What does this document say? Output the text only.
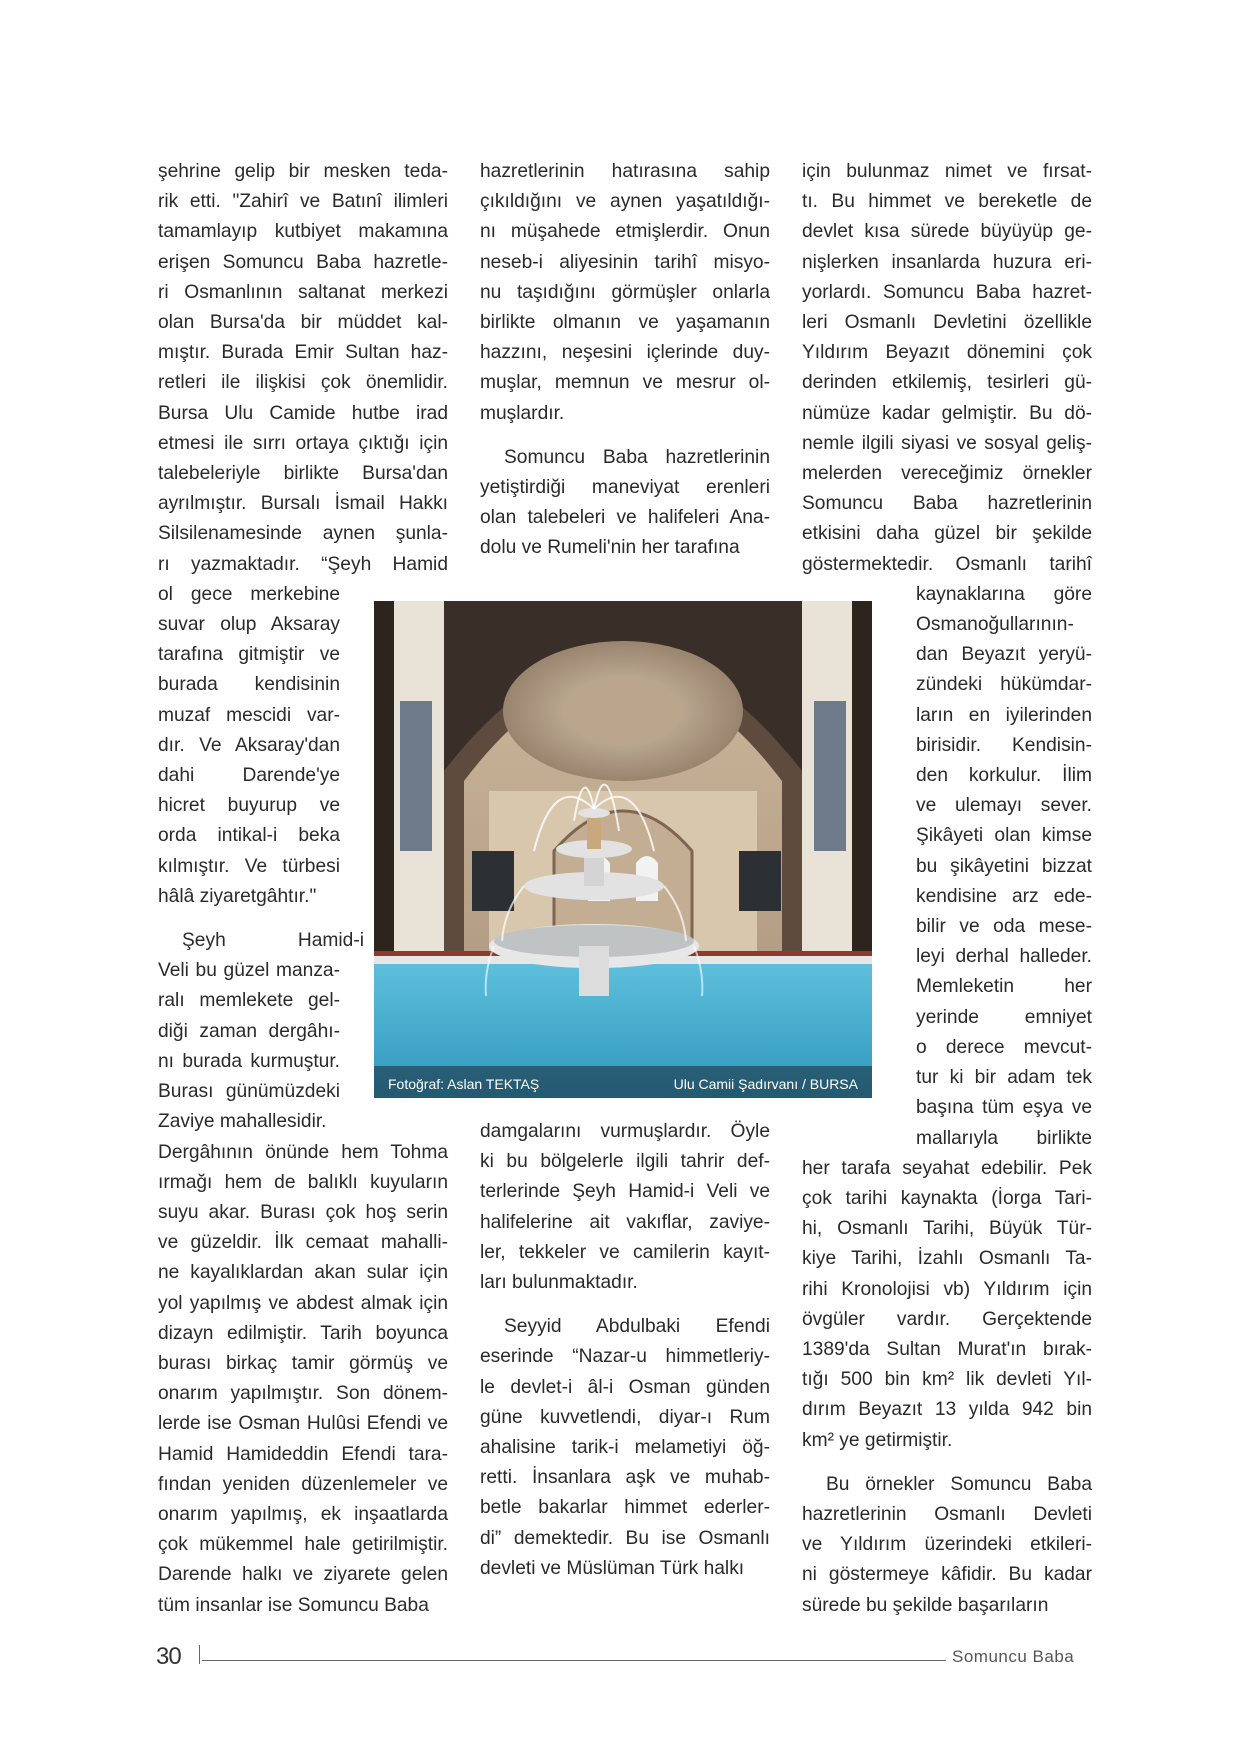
şehrine gelip bir mesken teda-
rik etti. "Zahirî ve Batınî ilimleri
tamamlayıp kutbiyet makamına
erişen Somuncu Baba hazretle-
ri Osmanlının saltanat merkezi
olan Bursa'da bir müddet kal-
mıştır. Burada Emir Sultan haz-
retleri ile ilişkisi çok önemlidir.
Bursa Ulu Camide hutbe irad
etmesi ile sırrı ortaya çıktığı için
talebeleriyle birlikte Bursa'dan
ayrılmıştır. Bursalı İsmail Hakkı
Silsilenamesinde aynen şunla-
rı yazmaktadır. “Şeyh Hamid
ol gece merkebine
suvar olup Aksaray
tarafına gitmiştir ve
burada kendisinin
muzaf mescidi var-
dır. Ve Aksaray'dan
dahi Darende'ye
hicret buyurup ve
orda intikal-i beka
kılmıştır. Ve türbesi
hâlâ ziyaretgâhtır."
Şeyh Hamid-i
Veli bu güzel manza-
ralı memlekete gel-
diği zaman dergâhı-
nı burada kurmuştur.
Burası günümüzdeki
Zaviye mahallesidir.
Dergâhının önünde hem Tohma
ırmağı hem de balıklı kuyuların
suyu akar. Burası çok hoş serin
ve güzeldir. İlk cemaat mahalli-
ne kayalıklardan akan sular için
yol yapılmış ve abdest almak için
dizayn edilmiştir. Tarih boyunca
burası birkaç tamir görmüş ve
onarım yapılmıştır. Son dönem-
lerde ise Osman Hulûsi Efendi ve
Hamid Hamideddin Efendi tara-
fından yeniden düzenlemeler ve
onarım yapılmış, ek inşaatlarda
çok mükemmel hale getirilmiştir.
Darende halkı ve ziyarete gelen
tüm insanlar ise Somuncu Baba
hazretlerinin hatırasına sahip
çıkıldığını ve aynen yaşatıldığı-
nı müşahede etmişlerdir. Onun
neseb-i aliyesinin tarihî misyo-
nu taşıdığını görmüşler onlarla
birlikte olmanın ve yaşamanın
hazzını, neşesini içlerinde duy-
muşlar, memnun ve mesrur ol-
muşlardır.
Somuncu Baba hazretlerinin
yetiştirdiği maneviyat erenleri
olan talebeleri ve halifeleri Ana-
dolu ve Rumeli'nin her tarafına
için bulunmaz nimet ve fırsat-
tı. Bu himmet ve bereketle de
devlet kısa sürede büyüyüp ge-
nişlerken insanlarda huzura eri-
yorlardı. Somuncu Baba hazret-
leri Osmanlı Devletini özellikle
Yıldırım Beyazıt dönemini çok
derinden etkilemiş, tesirleri gü-
nümüze kadar gelmiştir. Bu dö-
nemle ilgili siyasi ve sosyal geliş-
melerden vereceğimiz örnekler
Somuncu Baba hazretlerinin
etkisini daha güzel bir şekilde
göstermektedir. Osmanlı tarihî
kaynaklarına göre
Osmanoğullarının-
dan Beyazıt yeryü-
zündeki hükümdar-
ların en iyilerinden
birisidir. Kendisin-
den korkulur. İlim
ve ulemayı sever.
Şikâyeti olan kimse
bu şikâyetini bizzat
kendisine arz ede-
bilir ve oda mese-
leyi derhal halleder.
Memleketin her
yerinde emniyet
o derece mevcut-
tur ki bir adam tek
başına tüm eşya ve
mallarıyla birlikte
her tarafa seyahat edebilir. Pek
çok tarihi kaynakta (İorga Tari-
hi, Osmanlı Tarihi, Büyük Tür-
kiye Tarihi, İzahlı Osmanlı Ta-
rihi Kronolojisi vb) Yıldırım için
övgüler vardır. Gerçektende
1389'da Sultan Murat'ın bırak-
tığı 500 bin km² lik devleti Yıl-
dırım Beyazıt 13 yılda 942 bin
km² ye getirmiştir.
Bu örnekler Somuncu Baba
hazretlerinin Osmanlı Devleti
ve Yıldırım üzerindeki etkileri-
ni göstermeye kâfidir. Bu kadar
sürede bu şekilde başarıların
damgalarını vurmuşlardır. Öyle
ki bu bölgelerle ilgili tahrir def-
terlerinde Şeyh Hamid-i Veli ve
halifelerine ait vakıflar, zaviye-
ler, tekkeler ve camilerin kayıt-
ları bulunmaktadır.
Seyyid Abdulbaki Efendi
eserinde “Nazar-u himmetleriy-
le devlet-i âl-i Osman günden
güne kuvvetlendi, diyar-ı Rum
ahalisine tarik-i melametiyi öğ-
retti. İnsanlara aşk ve muhab-
betle bakarlar himmet ederler-
di” demektedir. Bu ise Osmanlı
devleti ve Müslüman Türk halkı
Fotoğraf: Aslan TEKTAŞ	Ulu Camii Şadırvanı / BURSA
30	Somuncu Baba
